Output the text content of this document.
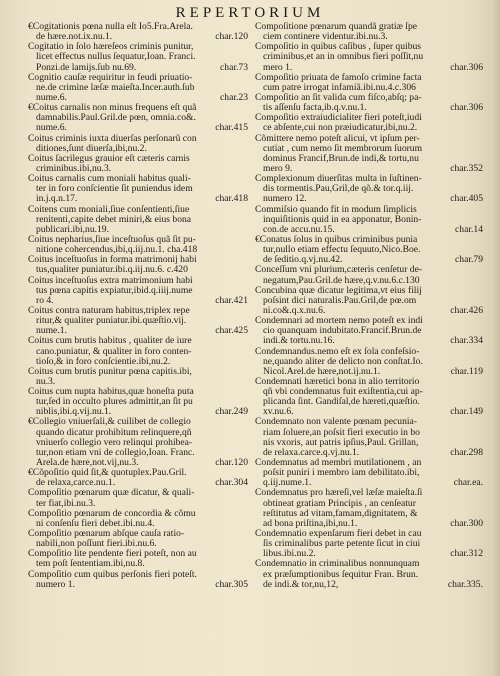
REPERTORIUM
€Cogitationis pœna nulla eſt Io5.Fra.Arela.
char.120
de hære.not.ix.nu.1.
Cogitatio in ſolo hæreſeos criminis punitur,
licet effectus nullus ſequatur,Ioan. Franci.
char.73
Ponzi.de lamijs.ſub nu.69.
Cognitio cauſæ requiritur in feudi priuatio-
ne.de crimine læſæ maieſta.Incer.auth.ſub
char.23
nume.6.
€Coitus carnalis non minus frequens eſt quã
damnabilis.Paul.Gril.de pœn, omnia.co&.
char.415
nume.6.
Coitus criminis iuxta diuerſas perſonarũ con
ditiones,ſunt diuerſa,ibi,nu.2.
Coitus ſacrilegus grauior eſt cæteris carnis
criminibus.ibi,nu.3.
Coitus carnalis cum moniali habitus quali-
ter in foro conſcientie ſit puniendus idem
char.418
in.j.q.n.17.
Coitens cum moniali,ſiue conſentienti,ſiue
renitenti,capite debet miniri,& eius bona
publicari.ibi,nu.19.
Coitus nepharius,ſiue inceſtuoſus quã ſit pu-
nitione cohercendus,ibi,q.iij.nu.1. cha.418
Coitus inceſtuoſus in forma matrimonij habi
tus,qualiter puniatur.ibi.q.iij.nu.6. c.420
Coitus inceſtuoſus extra matrimonium habi
tus pœna capitis expiatur,ibid.q.iiij.nume
char.421
ro 4.
Coitus contra naturam habitus,triplex repe
ritur,& qualiter puniatur.ibi.quæſtio.vij.
char.425
nume.1.
Coitus cum brutis habitus , qualiter de iure
cano.puniatur, & qualiter in foro conten-
tioſo,& in foro conſcientie.ibi,nu.2.
Coitus cum brutis punitur pœna capitis.ibi,
nu.3.
Coitus cum nupta habitus,quæ honeſta puta
tur,ſed in occulto plures admittit,an ſit pu
char.249
niblis,ibi.q.vij.nu.1.
€Collegio vniuerſali,& cuilibet de collegio
quando dicatur prohibitum relinquere,qñ
vniuerſo collegio vero relinqui prohibea-
tur,non etiam vni de collegio,Ioan. Franc.
char.120
Arela.de hære,not.vij,nu.3.
€Cõpoſitio quid ſit,& quotuplex.Pau.Gril.
char.304
de relaxa,carce.nu.1.
Compoſitio pœnarum quæ dicatur, & quali-
ter fiat,ibi.nu.3.
Compoſitio pœnarum de concordia & cõmu
ni conſenſu fieri debet.ibi.nu.4.
Compoſitio pœnarum abſque cauſa ratio-
nabili,non poſſunt fieri.ibi.nu.6.
Compoſitio lite pendente fieri poteſt, non au
tem poſt ſententiam.ibi,nu.8.
Compoſitio cum quibus perſonis fieri poteſt.
char.305
numero 1.
Compoſitione pœnarum quandã gratiæ ſpe
ciem continere videntur.ibi.nu.3.
Compoſitio in quibus caſibus , ſuper quibus
criminibus,et an in omnibus fieri poſſit,nu
char.306
mero 1.
Compoſitio priuata de famoſo crimine facta
cum patre irrogat infamiã.ibi.nu.4.c.306
Compoſitio an ſit valida cum fiſco,abſq; pa-
char.306
tis aſſenſu facta,ib.q.v.nu.1.
Compoſitio extraiudicialiter fieri poteſt,iudi
ce abſente,cui non præiudicatur,ibi,nu.2.
Cõmittere nemo poteſt alicui, vt ipſum per-
cutiat , cum nemo ſit membrorum ſuorum
dominus Francif,Brun.de indi,& tortu,nu
char.352
mero 9.
Complexionum diuerſitas multa in ſuſtinen-
dis tormentis.Pau,Gril,de qõ.& tor.q.iij.
char.405
numero 12.
Commiſsio quando fit in modum ſimplicis
inquiſitionis quid in ea apponatur, Bonin-
char.14
con.de accu.nu.15.
€Conatus ſolus in quibus criminibus punia
tur,nullo etiam effectu ſequuto,Nico.Boe.
char.79
de ſeditio.q.vj.nu.42.
Conceſſum vni plurium,cæteris cenſetur de-
negatum,Pau.Gril.de hære,q.v.nu.6.c.130
Concubina quæ dicatur legitima,vt eius filij
poſsint dici naturalis.Pau.Gril,de pœ.om
char.426
ni.co&.q.x.nu.6.
Condemnari ad mortem nemo poteſt ex indi
cio quanquam indubitato.Francif.Brun.de
char.334
indi.& tortu.nu.16.
Condemnandus.nemo eſt ex ſola confeſsio-
ne,quando aliter de delicto non conſtat.Io.
char.119
Nicol.Arel.de hære,not.ij.nu.1.
Condemnati hæretici bona in alio territorio
qñ vbi condemnatus fuit exiſtentia,cui ap-
plicanda ſint. Gandiſal,de hæreti,quæſtio.
char.149
xv.nu.6.
Condemnato non valente pœnam pecunia-
riam ſoluere,an poſsit fieri executio in bo
nis vxoris, aut patris ipſius,Paul. Grillan,
char.298
de relaxa.carce.q.vj.nu.1.
Condemnatus ad membri mutilationem , an
poſsit puniri i membro iam debilitato.ibi,
char.ea.
q.iij.nume.1.
Condemnatus pro hæreſi,vel læſæ maieſta.ſi
obtineat gratiam Principis , an cenſeatur
reſtitutus ad vitam,famam,dignitatem, &
char.300
ad bona priſtina,ibi,nu.1.
Condemnatio expenſarum fieri debet in cau
ſis criminalibus parte petente ſicut in ciui
char.312
libus.ibi.nu.2.
Condemnatio in criminalibus nonnunquam
ex præſumptionibus ſequitur Fran. Brun.
char.335.
de indi.& tor,nu,12,
